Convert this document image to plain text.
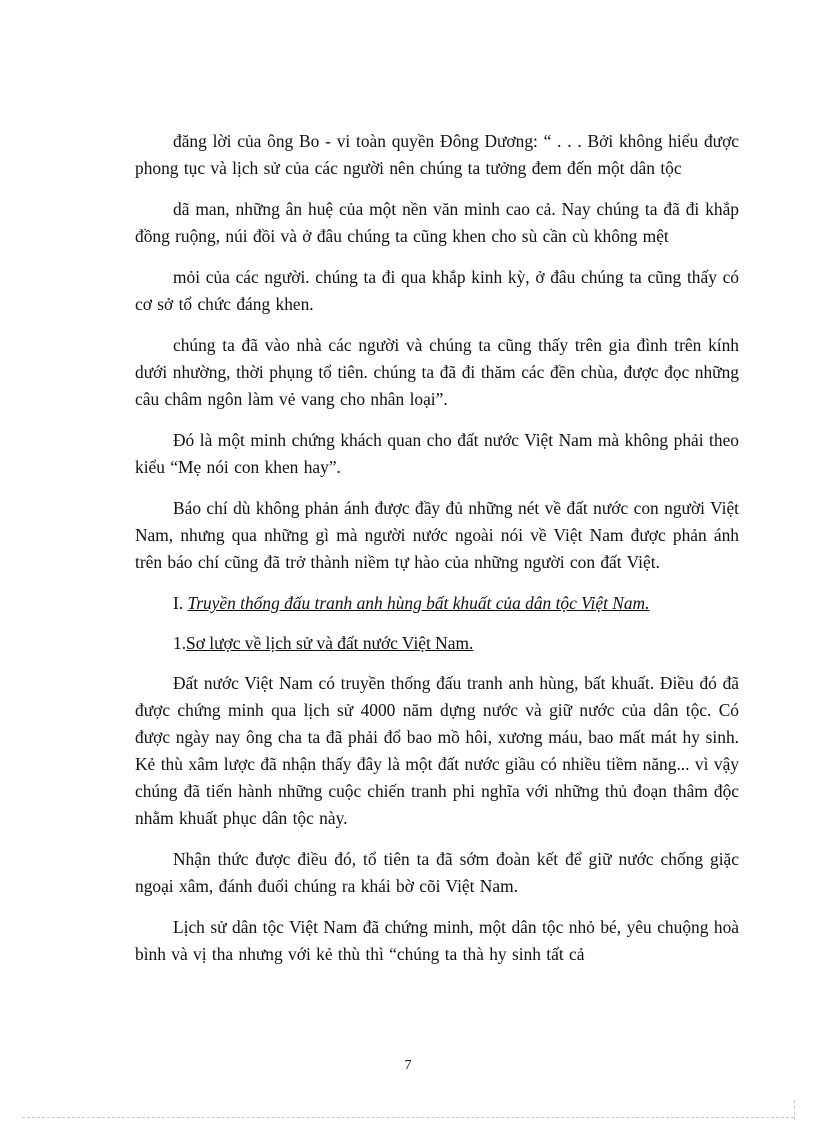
đăng lời của ông Bo - vi toàn quyền Đông Dương: “ . . . Bởi không hiểu được phong tục và lịch sử của các người nên chúng ta tưởng đem đến một dân tộc

dã man, những ân huệ của một nền văn minh cao cả. Nay chúng ta đã đi khắp đồng ruộng, núi đồi và ở đâu chúng ta cũng khen cho sù cần cù không mệt

mỏi của các người. chúng ta đi qua khắp kinh kỳ, ở đâu chúng ta cũng thấy có cơ sở tổ chức đáng khen.

chúng ta đã vào nhà các người và chúng ta cũng thấy trên gia đình trên kính dưới nhường, thời phụng tổ tiên. chúng ta đã đi thăm các đền chùa, được đọc những câu châm ngôn làm vẻ vang cho nhân loại”.

Đó là một minh chứng khách quan cho đất nước Việt Nam mà không phải theo kiểu “Mẹ nói con khen hay”.

Báo chí dù không phản ánh được đầy đủ những nét về đất nước con người Việt Nam, nhưng qua những gì mà người nước ngoài nói về Việt Nam được phản ánh trên báo chí cũng đã trở thành niềm tự hào của những người con đất Việt.

I. Truyền thống đấu tranh anh hùng bất khuất của dân tộc Việt Nam.

1.Sơ lược về lịch sử và đất nước Việt Nam.

Đất nước Việt Nam có truyền thống đấu tranh anh hùng, bất khuất. Điều đó đã được chứng minh qua lịch sử 4000 năm dựng nước và giữ nước của dân tộc. Có được ngày nay ông cha ta đã phải đổ bao mồ hôi, xương máu, bao mất mát hy sinh. Kẻ thù xâm lược đã nhận thấy đây là một đất nước giầu có nhiều tiềm năng... vì vậy chúng đã tiến hành những cuộc chiến tranh phi nghĩa với những thủ đoạn thâm độc nhằm khuất phục dân tộc này.

Nhận thức được điều đó, tổ tiên ta đã sớm đoàn kết để giữ nước chống giặc ngoại xâm, đánh đuổi chúng ra khái bờ cõi Việt Nam.

Lịch sử dân tộc Việt Nam đã chứng minh, một dân tộc nhỏ bé, yêu chuộng hoà bình và vị tha nhưng với kẻ thù thì “chúng ta thà hy sinh tất cả

7
